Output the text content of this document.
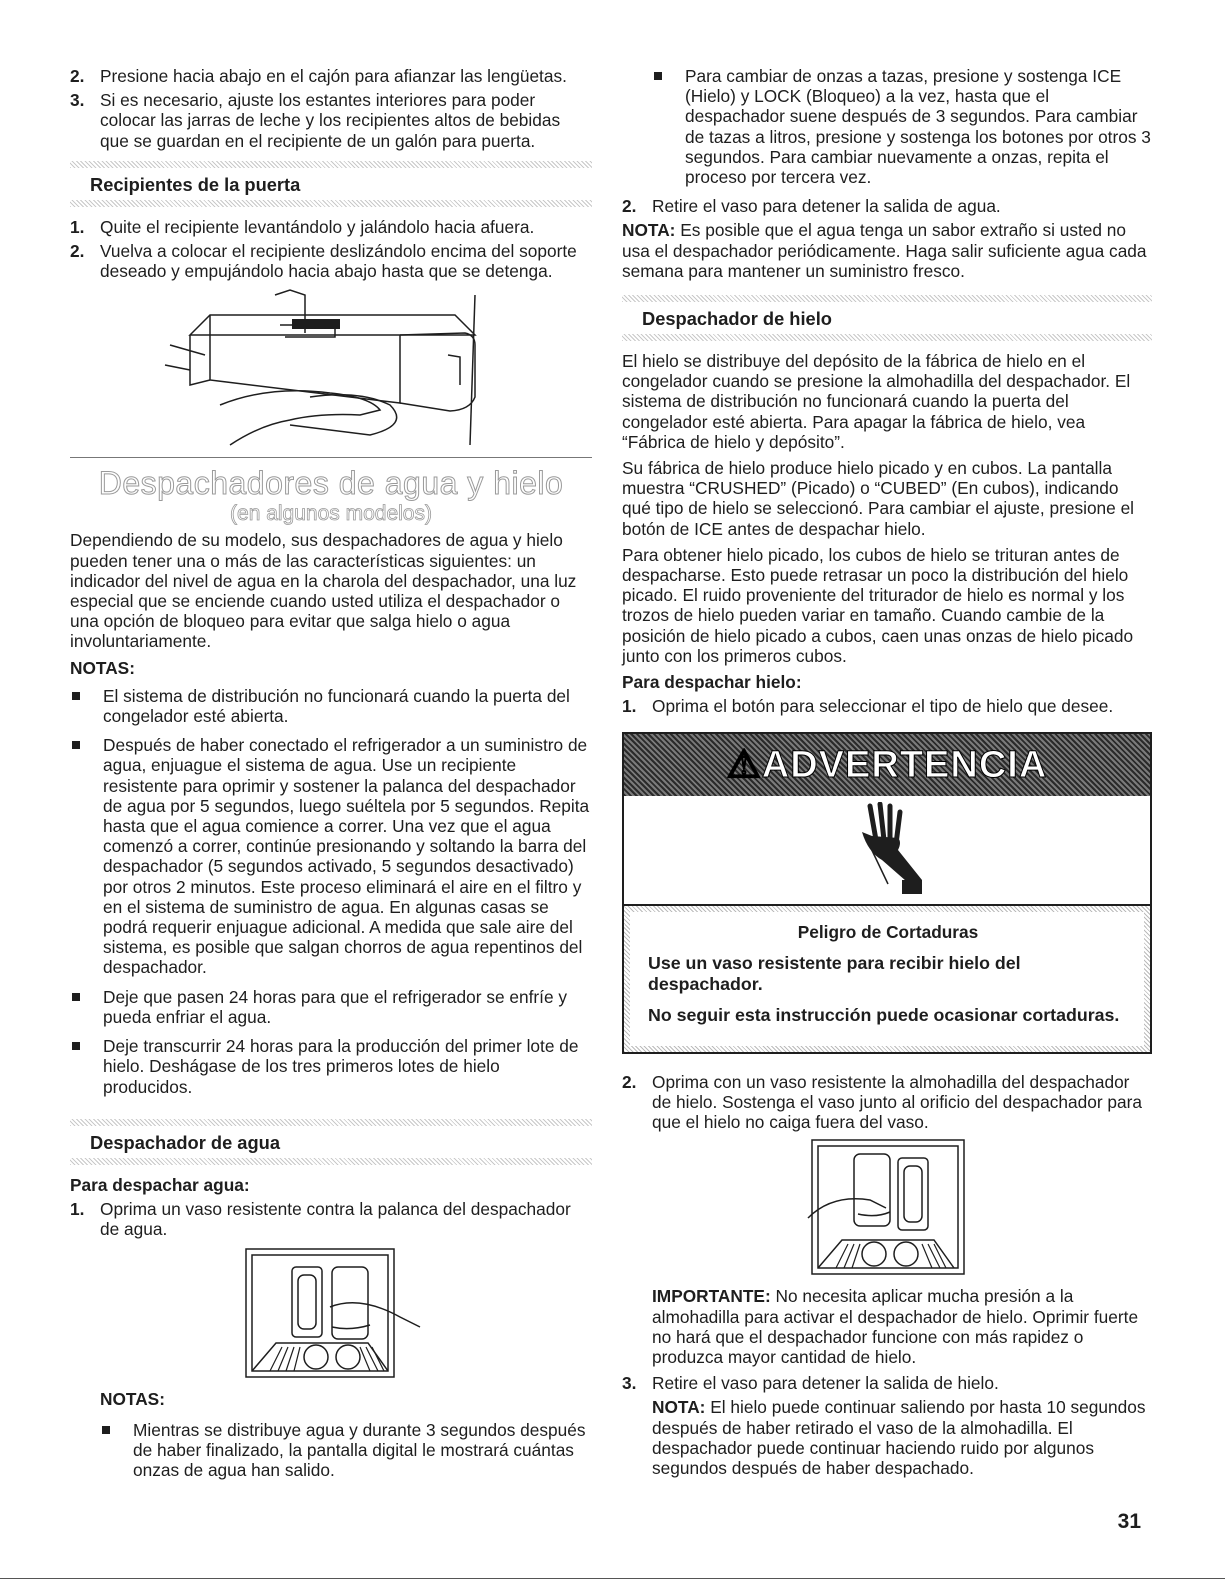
2. Presione hacia abajo en el cajón para afianzar las lengüetas.
3. Si es necesario, ajuste los estantes interiores para poder colocar las jarras de leche y los recipientes altos de bebidas que se guardan en el recipiente de un galón para puerta.
Recipientes de la puerta
1. Quite el recipiente levantándolo y jalándolo hacia afuera.
2. Vuelva a colocar el recipiente deslizándolo encima del soporte deseado y empujándolo hacia abajo hasta que se detenga.
Despachadores de agua y hielo
(en algunos modelos)

Dependiendo de su modelo, sus despachadores de agua y hielo pueden tener una o más de las características siguientes: un indicador del nivel de agua en la charola del despachador, una luz especial que se enciende cuando usted utiliza el despachador o una opción de bloqueo para evitar que salga hielo o agua involuntariamente.

NOTAS:
El sistema de distribución no funcionará cuando la puerta del congelador esté abierta.
Después de haber conectado el refrigerador a un suministro de agua, enjuague el sistema de agua. Use un recipiente resistente para oprimir y sostener la palanca del despachador de agua por 5 segundos, luego suéltela por 5 segundos. Repita hasta que el agua comience a correr. Una vez que el agua comenzó a correr, continúe presionando y soltando la barra del despachador (5 segundos activado, 5 segundos desactivado) por otros 2 minutos. Este proceso eliminará el aire en el filtro y en el sistema de suministro de agua. En algunas casas se podrá requerir enjuague adicional. A medida que sale aire del sistema, es posible que salgan chorros de agua repentinos del despachador.
Deje que pasen 24 horas para que el refrigerador se enfríe y pueda enfriar el agua.
Deje transcurrir 24 horas para la producción del primer lote de hielo. Deshágase de los tres primeros lotes de hielo producidos.
Despachador de agua
Para despachar agua:
1. Oprima un vaso resistente contra la palanca del despachador de agua.
NOTAS:
Mientras se distribuye agua y durante 3 segundos después de haber finalizado, la pantalla digital le mostrará cuántas onzas de agua han salido.
Para cambiar de onzas a tazas, presione y sostenga ICE (Hielo) y LOCK (Bloqueo) a la vez, hasta que el despachador suene después de 3 segundos. Para cambiar de tazas a litros, presione y sostenga los botones por otros 3 segundos. Para cambiar nuevamente a onzas, repita el proceso por tercera vez.
2. Retire el vaso para detener la salida de agua.

NOTA: Es posible que el agua tenga un sabor extraño si usted no usa el despachador periódicamente. Haga salir suficiente agua cada semana para mantener un suministro fresco.

Despachador de hielo

El hielo se distribuye del depósito de la fábrica de hielo en el congelador cuando se presione la almohadilla del despachador. El sistema de distribución no funcionará cuando la puerta del congelador esté abierta. Para apagar la fábrica de hielo, vea “Fábrica de hielo y depósito”.

Su fábrica de hielo produce hielo picado y en cubos. La pantalla muestra “CRUSHED” (Picado) o “CUBED” (En cubos), indicando qué tipo de hielo se seleccionó. Para cambiar el ajuste, presione el botón de ICE antes de despachar hielo.

Para obtener hielo picado, los cubos de hielo se trituran antes de despacharse. Esto puede retrasar un poco la distribución del hielo picado. El ruido proveniente del triturador de hielo es normal y los trozos de hielo pueden variar en tamaño. Cuando cambie de la posición de hielo picado a cubos, caen unas onzas de hielo picado junto con los primeros cubos.

Para despachar hielo:
1. Oprima el botón para seleccionar el tipo de hielo que desee.
⚠ ADVERTENCIA
Peligro de Cortaduras

Use un vaso resistente para recibir hielo del despachador.

No seguir esta instrucción puede ocasionar cortaduras.

2. Oprima con un vaso resistente la almohadilla del despachador de hielo. Sostenga el vaso junto al orificio del despachador para que el hielo no caiga fuera del vaso.

IMPORTANTE: No necesita aplicar mucha presión a la almohadilla para activar el despachador de hielo. Oprimir fuerte no hará que el despachador funcione con más rapidez o produzca mayor cantidad de hielo.

3. Retire el vaso para detener la salida de hielo.

NOTA: El hielo puede continuar saliendo por hasta 10 segundos después de haber retirado el vaso de la almohadilla. El despachador puede continuar haciendo ruido por algunos segundos después de haber despachado.

31
